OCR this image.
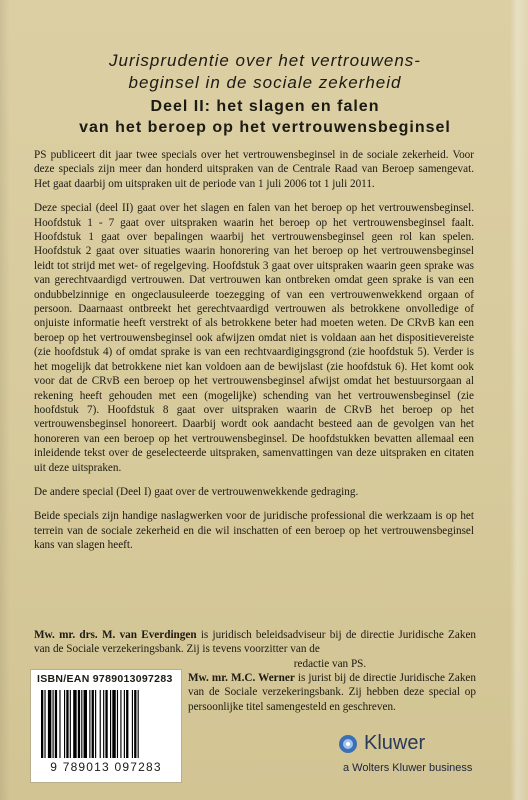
Jurisprudentie over het vertrouwens-
beginsel in de sociale zekerheid
Deel II: het slagen en falen
van het beroep op het vertrouwensbeginsel

PS publiceert dit jaar twee specials over het vertrouwensbeginsel in de sociale zekerheid. Voor deze specials zijn meer dan honderd uitspraken van de Centrale Raad van Beroep samengevat. Het gaat daarbij om uitspraken uit de periode van 1 juli 2006 tot 1 juli 2011.

Deze special (deel II) gaat over het slagen en falen van het beroep op het vertrouwensbeginsel. Hoofdstuk 1 - 7 gaat over uitspraken waarin het beroep op het vertrouwensbeginsel faalt. Hoofdstuk 1 gaat over bepalingen waarbij het vertrouwensbeginsel geen rol kan spelen. Hoofdstuk 2 gaat over situaties waarin honorering van het beroep op het vertrouwensbeginsel leidt tot strijd met wet- of regelgeving. Hoofdstuk 3 gaat over uitspraken waarin geen sprake was van gerechtvaardigd vertrouwen. Dat vertrouwen kan ontbreken omdat geen sprake is van een ondubbelzinnige en ongeclausuleerde toezegging of van een vertrouwenwekkend orgaan of persoon. Daarnaast ontbreekt het gerechtvaardigd vertrouwen als betrokkene onvolledige of onjuiste informatie heeft verstrekt of als betrokkene beter had moeten weten. De CRvB kan een beroep op het vertrouwensbeginsel ook afwijzen omdat niet is voldaan aan het dispositievereiste (zie hoofdstuk 4) of omdat sprake is van een rechtvaardigingsgrond (zie hoofdstuk 5). Verder is het mogelijk dat betrokkene niet kan voldoen aan de bewijslast (zie hoofdstuk 6). Het komt ook voor dat de CRvB een beroep op het vertrouwensbeginsel afwijst omdat het bestuursorgaan al rekening heeft gehouden met een (mogelijke) schending van het vertrouwensbeginsel (zie hoofdstuk 7). Hoofdstuk 8 gaat over uitspraken waarin de CRvB het beroep op het vertrouwensbeginsel honoreert. Daarbij wordt ook aandacht besteed aan de gevolgen van het honoreren van een beroep op het vertrouwensbeginsel. De hoofdstukken bevatten allemaal een inleidende tekst over de geselecteerde uitspraken, samenvattingen van deze uitspraken en citaten uit deze uitspraken.

De andere special (Deel I) gaat over de vertrouwenwekkende gedraging.

Beide specials zijn handige naslagwerken voor de juridische professional die werkzaam is op het terrein van de sociale zekerheid en die wil inschatten of een beroep op het vertrouwensbeginsel kans van slagen heeft.

Mw. mr. drs. M. van Everdingen is juridisch beleidsadviseur bij de directie Juridische Zaken van de Sociale verzekeringsbank. Zij is tevens voorzitter van de

redactie van PS.

Mw. mr. M.C. Werner is jurist bij de directie Juridische Zaken van de Sociale verzekeringsbank. Zij hebben deze special op persoonlijke titel samengesteld en geschreven.

ISBN/EAN 9789013097283
9 789013 097283
Kluwer
a Wolters Kluwer business
